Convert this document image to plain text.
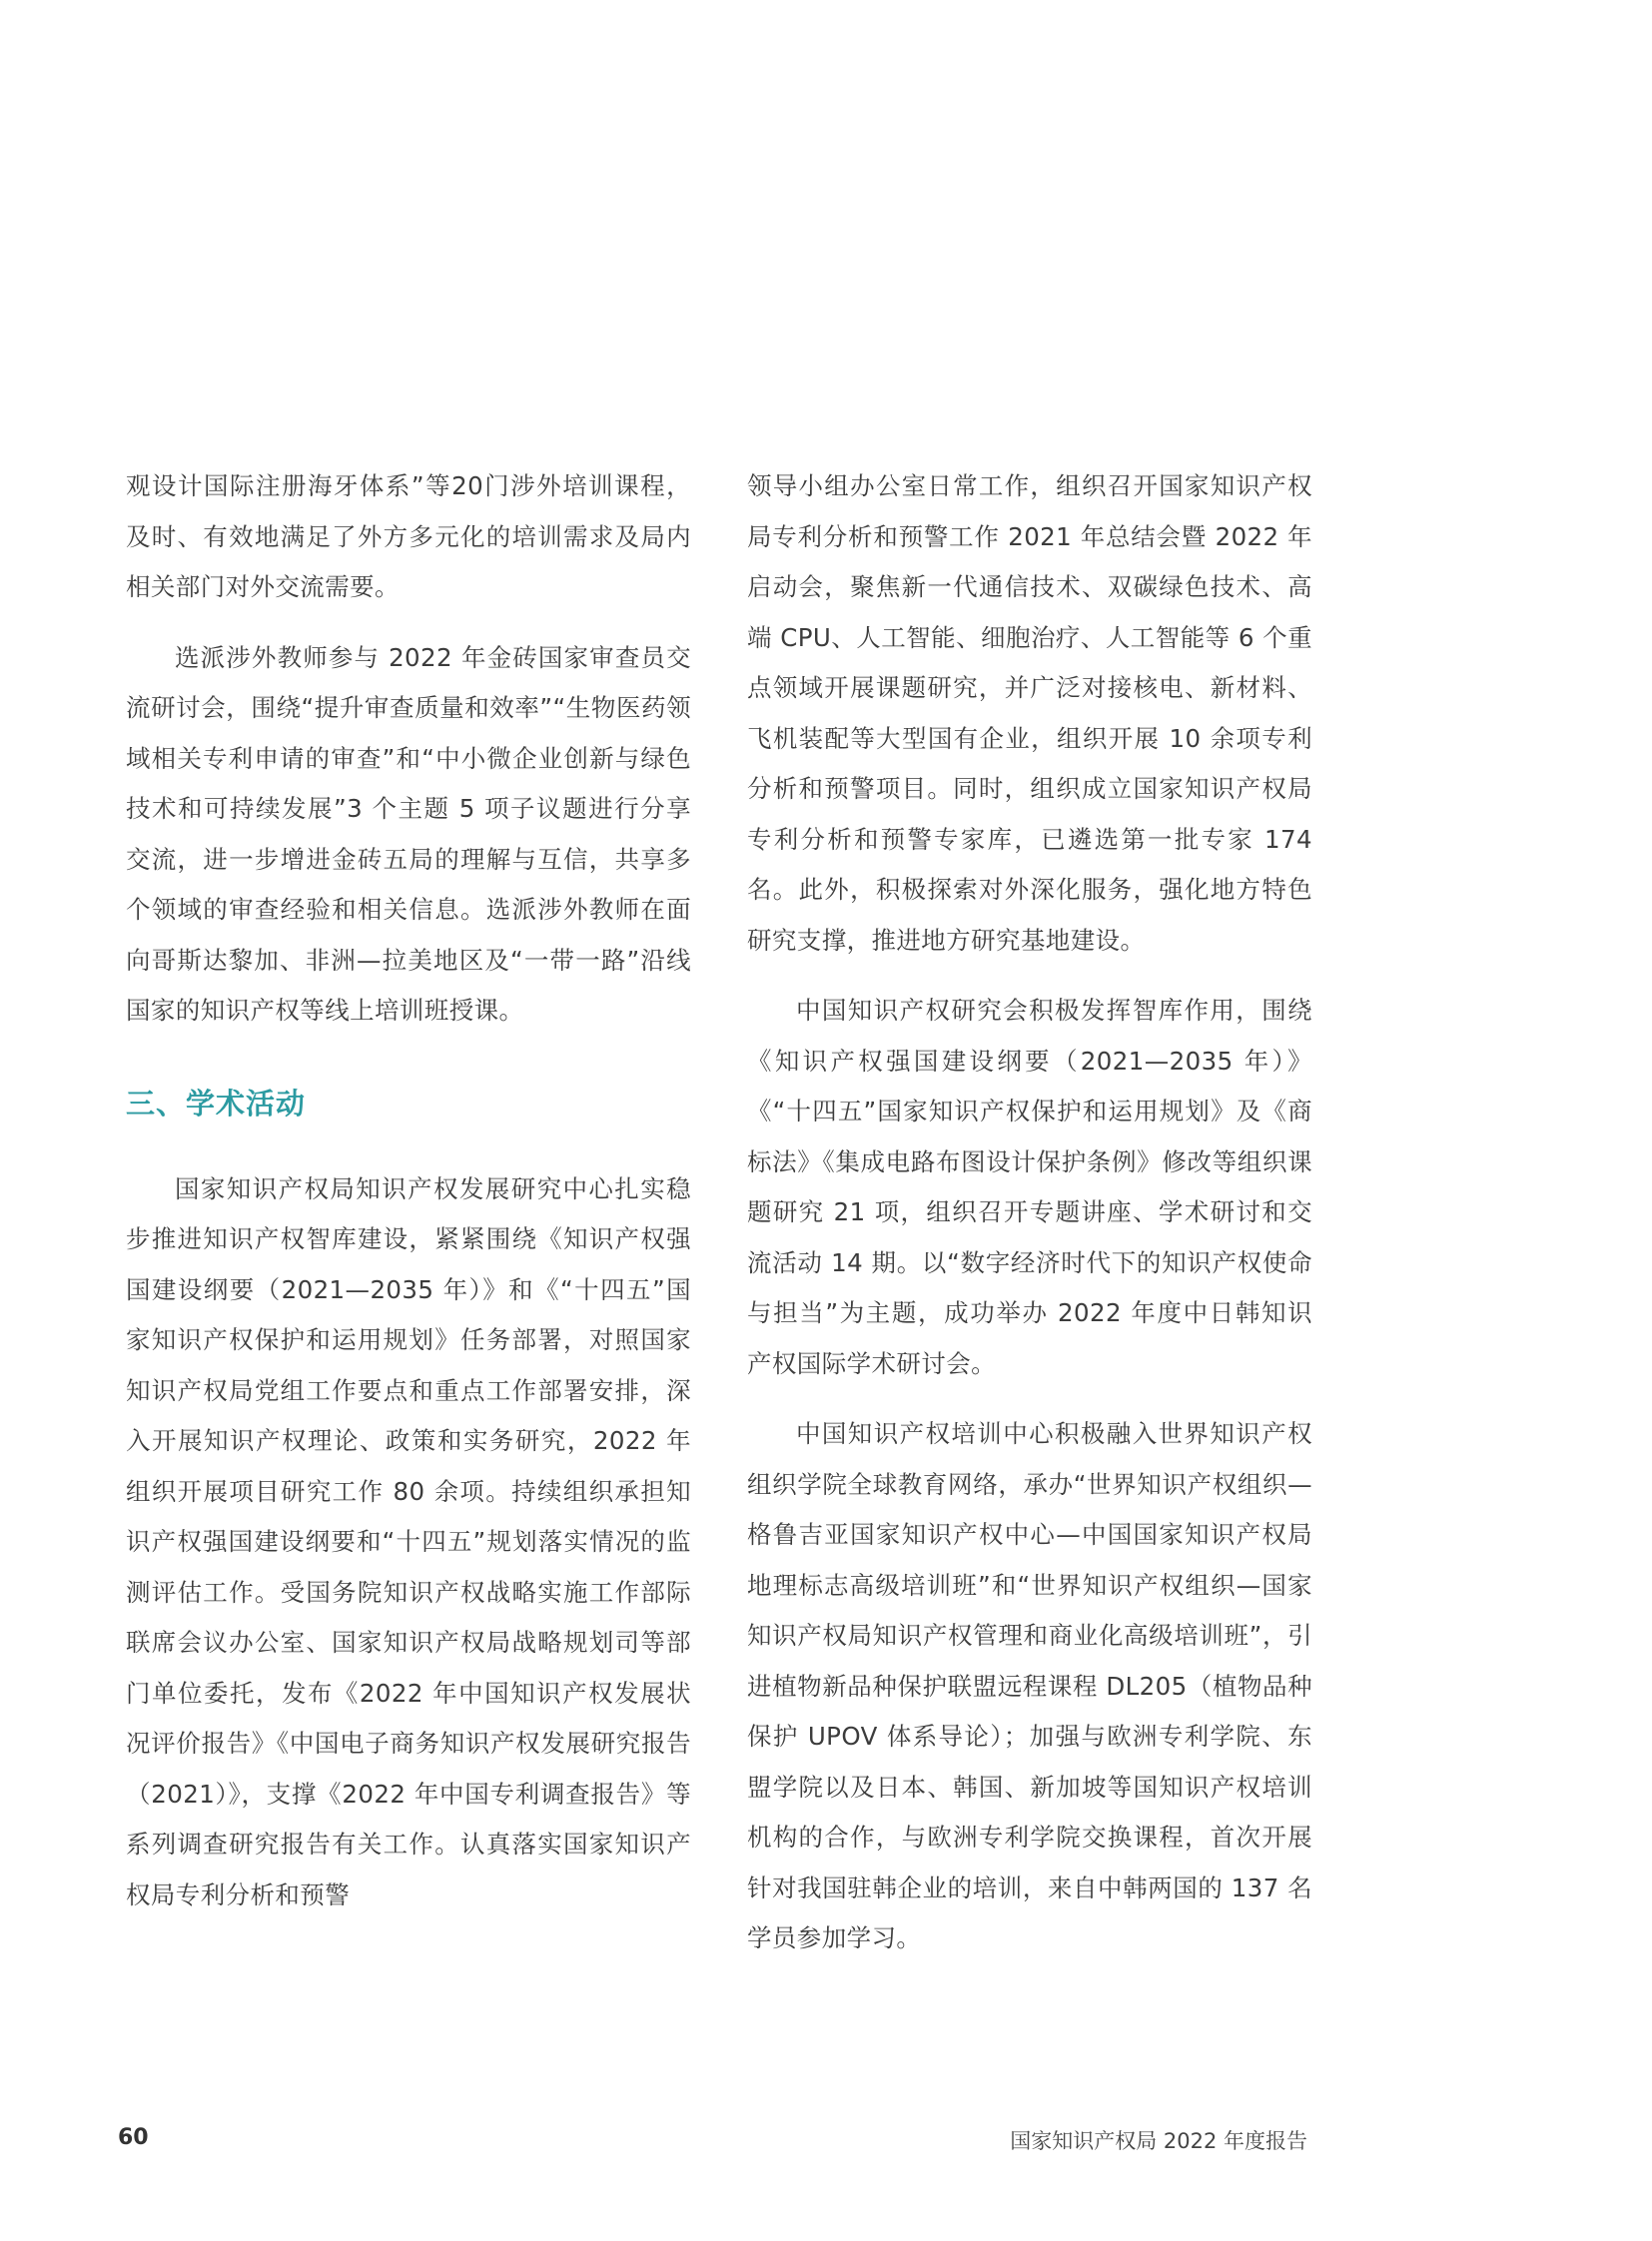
观设计国际注册海牙体系”等20门涉外培训课程，及时、有效地满足了外方多元化的培训需求及局内相关部门对外交流需要。

选派涉外教师参与 2022 年金砖国家审查员交流研讨会，围绕“提升审查质量和效率”“生物医药领域相关专利申请的审查”和“中小微企业创新与绿色技术和可持续发展”3 个主题 5 项子议题进行分享交流，进一步增进金砖五局的理解与互信，共享多个领域的审查经验和相关信息。选派涉外教师在面向哥斯达黎加、非洲—拉美地区及“一带一路”沿线国家的知识产权等线上培训班授课。

三、学术活动

国家知识产权局知识产权发展研究中心扎实稳步推进知识产权智库建设，紧紧围绕《知识产权强国建设纲要（2021—2035 年）》和《“十四五”国家知识产权保护和运用规划》任务部署，对照国家知识产权局党组工作要点和重点工作部署安排，深入开展知识产权理论、政策和实务研究，2022 年组织开展项目研究工作 80 余项。持续组织承担知识产权强国建设纲要和“十四五”规划落实情况的监测评估工作。受国务院知识产权战略实施工作部际联席会议办公室、国家知识产权局战略规划司等部门单位委托，发布《2022 年中国知识产权发展状况评价报告》《中国电子商务知识产权发展研究报告（2021）》，支撑《2022 年中国专利调查报告》等系列调查研究报告有关工作。认真落实国家知识产权局专利分析和预警

领导小组办公室日常工作，组织召开国家知识产权局专利分析和预警工作 2021 年总结会暨 2022 年启动会，聚焦新一代通信技术、双碳绿色技术、高端 CPU、人工智能、细胞治疗、人工智能等 6 个重点领域开展课题研究，并广泛对接核电、新材料、飞机装配等大型国有企业，组织开展 10 余项专利分析和预警项目。同时，组织成立国家知识产权局专利分析和预警专家库，已遴选第一批专家 174 名。此外，积极探索对外深化服务，强化地方特色研究支撑，推进地方研究基地建设。

中国知识产权研究会积极发挥智库作用，围绕《知识产权强国建设纲要（2021—2035 年）》《“十四五”国家知识产权保护和运用规划》及《商标法》《集成电路布图设计保护条例》修改等组织课题研究 21 项，组织召开专题讲座、学术研讨和交流活动 14 期。以“数字经济时代下的知识产权使命与担当”为主题，成功举办 2022 年度中日韩知识产权国际学术研讨会。

中国知识产权培训中心积极融入世界知识产权组织学院全球教育网络，承办“世界知识产权组织—格鲁吉亚国家知识产权中心—中国国家知识产权局地理标志高级培训班”和“世界知识产权组织—国家知识产权局知识产权管理和商业化高级培训班”，引进植物新品种保护联盟远程课程 DL205（植物品种保护 UPOV 体系导论）；加强与欧洲专利学院、东盟学院以及日本、韩国、新加坡等国知识产权培训机构的合作，与欧洲专利学院交换课程，首次开展针对我国驻韩企业的培训，来自中韩两国的 137 名学员参加学习。

60	国家知识产权局 2022 年度报告
